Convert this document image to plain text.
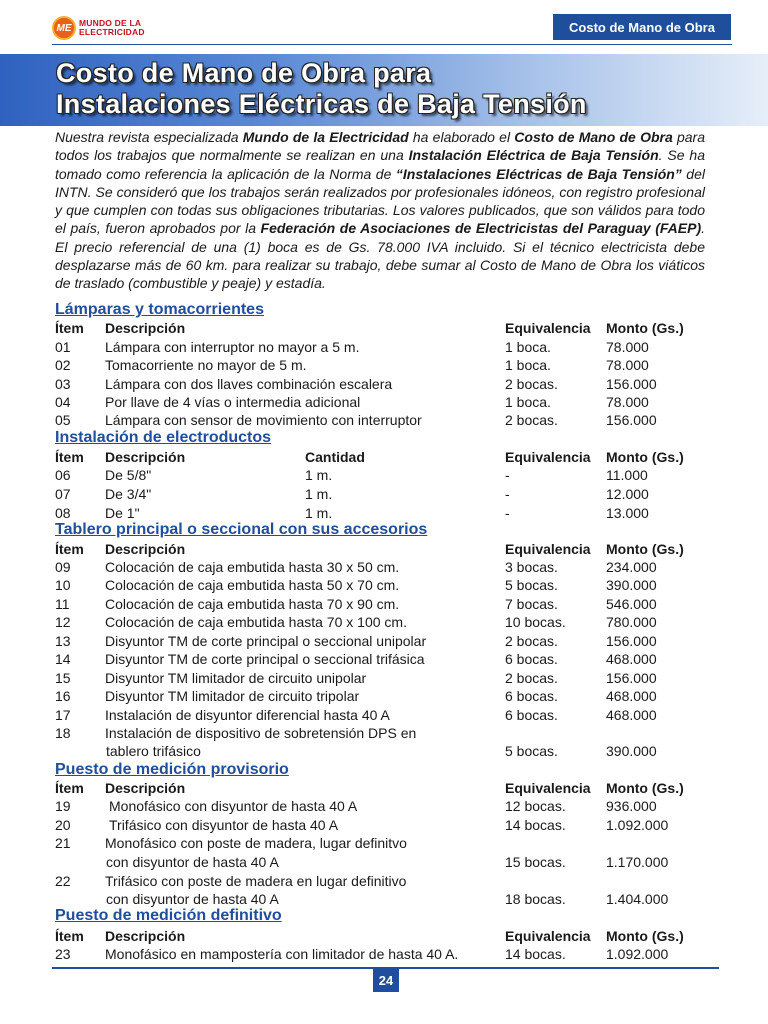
ME MUNDO DE LA
ELECTRICIDAD	Costo de Mano de Obra
Costo de Mano de Obra para
Instalaciones Eléctricas de Baja Tensión

Nuestra revista especializada Mundo de la Electricidad ha elaborado el Costo de Mano de Obra para todos los trabajos que normalmente se realizan en una Instalación Eléctrica de Baja Tensión. Se ha tomado como referencia la aplicación de la Norma de “Instalaciones Eléctricas de Baja Tensión” del INTN. Se consideró que los trabajos serán realizados por profesionales idóneos, con registro profesional y que cumplen con todas sus obligaciones tributarias. Los valores publicados, que son válidos para todo el país, fueron aprobados por la Federación de Asociaciones de Electricistas del Paraguay (FAEP). El precio referencial de una (1) boca es de Gs. 78.000 IVA incluido. Si el técnico electricista debe desplazarse más de 60 km. para realizar su trabajo, debe sumar al Costo de Mano de Obra los viáticos de traslado (combustible y peaje) y estadía.

Lámparas y tomacorrientes
Ítem Descripción	Equivalencia Monto (Gs.)
01 Lámpara con interruptor no mayor a 5 m.	1 boca.	78.000
02 Tomacorriente no mayor de 5 m.	1 boca.	78.000
03 Lámpara con dos llaves combinación escalera	2 bocas.	156.000
04 Por llave de 4 vías o intermedia adicional	1 boca.	78.000
05 Lámpara con sensor de movimiento con interruptor	2 bocas.	156.000
Instalación de electroductos
Ítem Descripción	Cantidad	Equivalencia Monto (Gs.)
06 De 5/8"	1 m.	-	11.000
07 De 3/4"	1 m.	-	12.000
08 De 1"	1 m.	-	13.000
Tablero principal o seccional con sus accesorios
Ítem Descripción	Equivalencia Monto (Gs.)
09 Colocación de caja embutida hasta 30 x 50 cm.	3 bocas.	234.000
10 Colocación de caja embutida hasta 50 x 70 cm.	5 bocas.	390.000
11	Colocación de caja embutida hasta 70 x 90 cm.	7 bocas.	546.000
12 Colocación de caja embutida hasta 70 x 100 cm.	10 bocas.	780.000
13 Disyuntor TM de corte principal o seccional unipolar	2 bocas.	156.000
14 Disyuntor TM de corte principal o seccional trifásica	6 bocas.	468.000
15 Disyuntor TM limitador de circuito unipolar	2 bocas.	156.000
16 Disyuntor TM limitador de circuito tripolar	6 bocas.	468.000
17 Instalación de disyuntor diferencial hasta 40 A	6 bocas.	468.000
18 Instalación de dispositivo de sobretensión DPS en
tablero trifásico	5 bocas.	390.000
Puesto de medición provisorio
Ítem Descripción	Equivalencia Monto (Gs.)
19	Monofásico con disyuntor de hasta 40 A	12 bocas.	936.000
20	Trifásico con disyuntor de hasta 40 A	14 bocas.	1.092.000
21 Monofásico con poste de madera, lugar definitvo
con disyuntor de hasta 40 A	15 bocas.	1.170.000
22 Trifásico con poste de madera en lugar definitivo
con disyuntor de hasta 40 A	18 bocas.	1.404.000
Puesto de medición definitivo
Ítem Descripción	Equivalencia Monto (Gs.)
23 Monofásico en mampostería con limitador de hasta 40 A.	14 bocas.	1.092.000
24
